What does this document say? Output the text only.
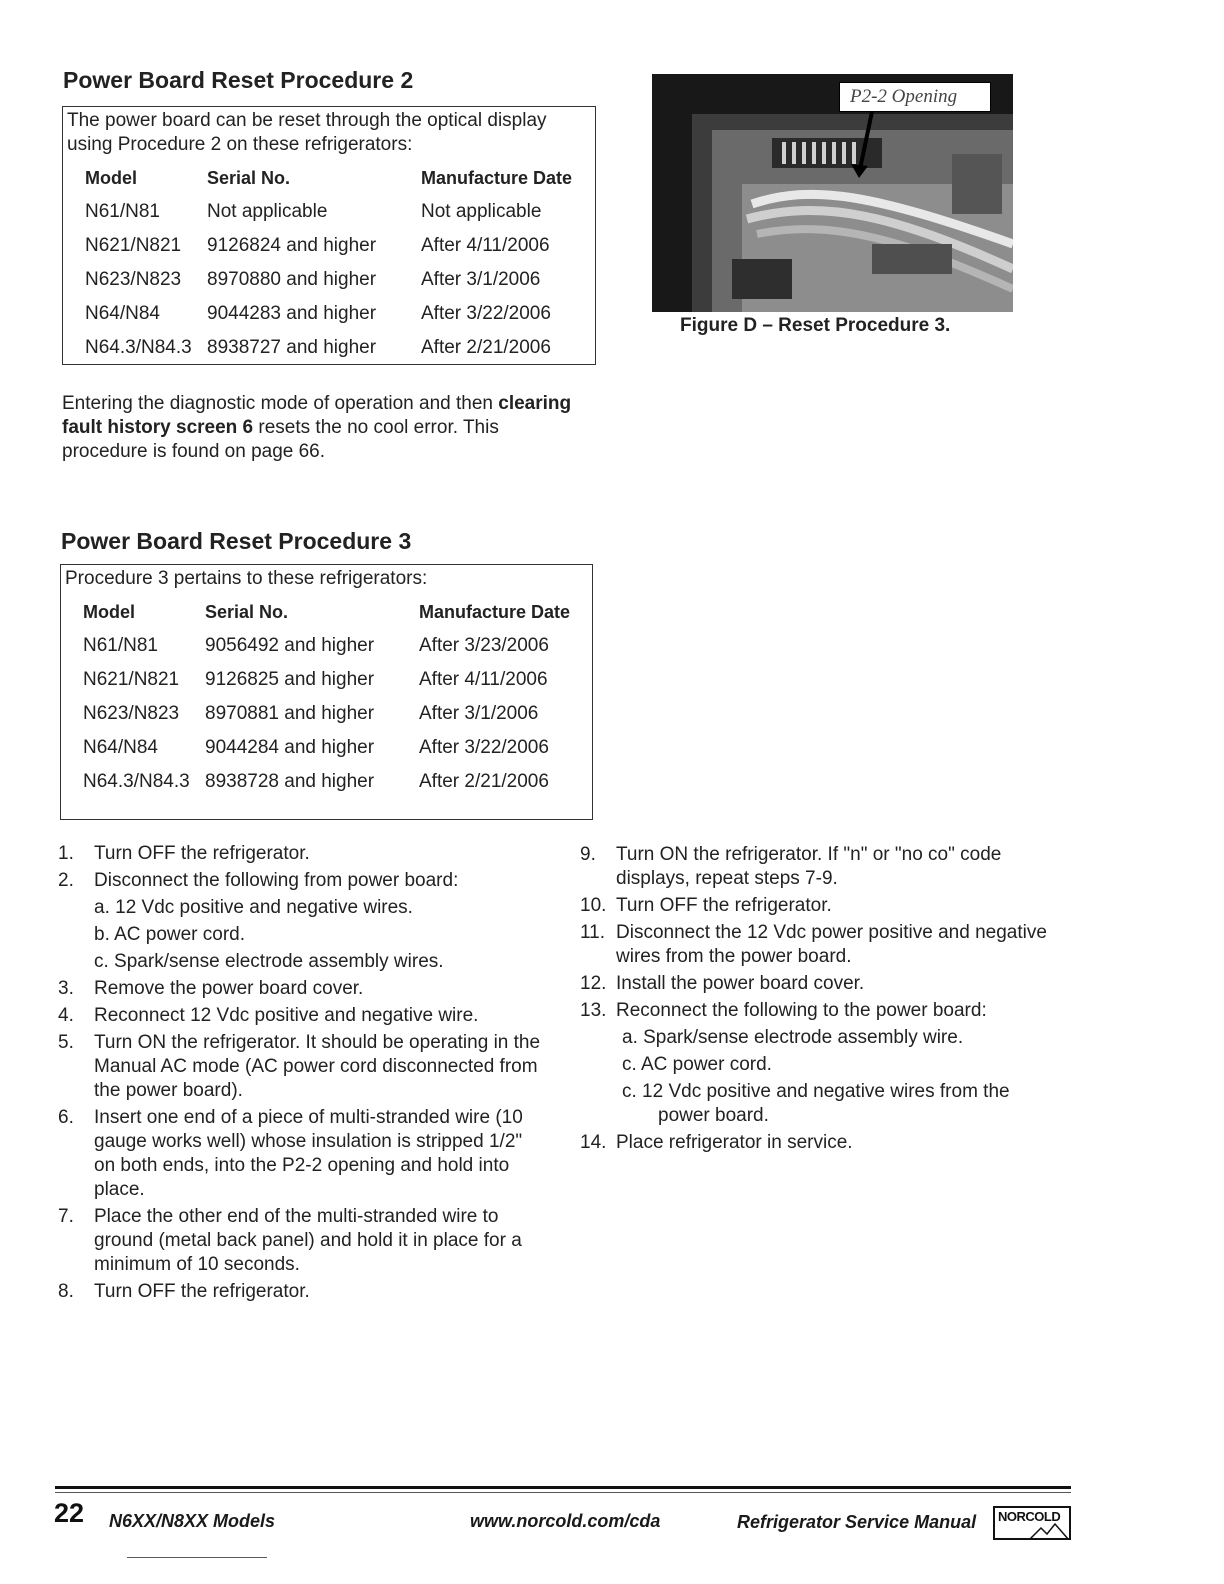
Power Board Reset Procedure 2
The power board can be reset through the optical display using Procedure 2 on these refrigerators:
Model	Serial No.	Manufacture Date
N61/N81	Not applicable	Not applicable
N621/N821	9126824 and higher	After 4/11/2006
N623/N823	8970880 and higher	After 3/1/2006
N64/N84	9044283 and higher	After 3/22/2006
N64.3/N84.3	8938727 and higher	After 2/21/2006
Entering the diagnostic mode of operation and then clearing fault history screen 6 resets the no cool error. This procedure is found on page 66.
P2-2 Opening
Figure D – Reset Procedure 3.
Power Board Reset Procedure 3
Procedure 3 pertains to these refrigerators:
Model	Serial No.	Manufacture Date
N61/N81	9056492 and higher	After 3/23/2006
N621/N821	9126825 and higher	After 4/11/2006
N623/N823	8970881 and higher	After 3/1/2006
N64/N84	9044284 and higher	After 3/22/2006
N64.3/N84.3	8938728 and higher	After 2/21/2006
1. Turn OFF the refrigerator.
2. Disconnect the following from power board:
a. 12 Vdc positive and negative wires.
b. AC power cord.
c. Spark/sense electrode assembly wires.
3. Remove the power board cover.
4. Reconnect 12 Vdc positive and negative wire.
5. Turn ON the refrigerator. It should be operating in the Manual AC mode (AC power cord disconnected from the power board).
6. Insert one end of a piece of multi-stranded wire (10 gauge works well) whose insulation is stripped 1/2" on both ends, into the P2-2 opening and hold into place.
7. Place the other end of the multi-stranded wire to ground (metal back panel) and hold it in place for a minimum of 10 seconds.
8. Turn OFF the refrigerator.
9. Turn ON the refrigerator. If "n" or "no co" code displays, repeat steps 7-9.
10. Turn OFF the refrigerator.
11. Disconnect the 12 Vdc power positive and negative wires from the power board.
12. Install the power board cover.
13. Reconnect the following to the power board:
a. Spark/sense electrode assembly wire.
c. AC power cord.
c. 12 Vdc positive and negative wires from the power board.
14. Place refrigerator in service.
22 N6XX/N8XX Models	www.norcold.com/cda	Refrigerator Service Manual NORCOLD
